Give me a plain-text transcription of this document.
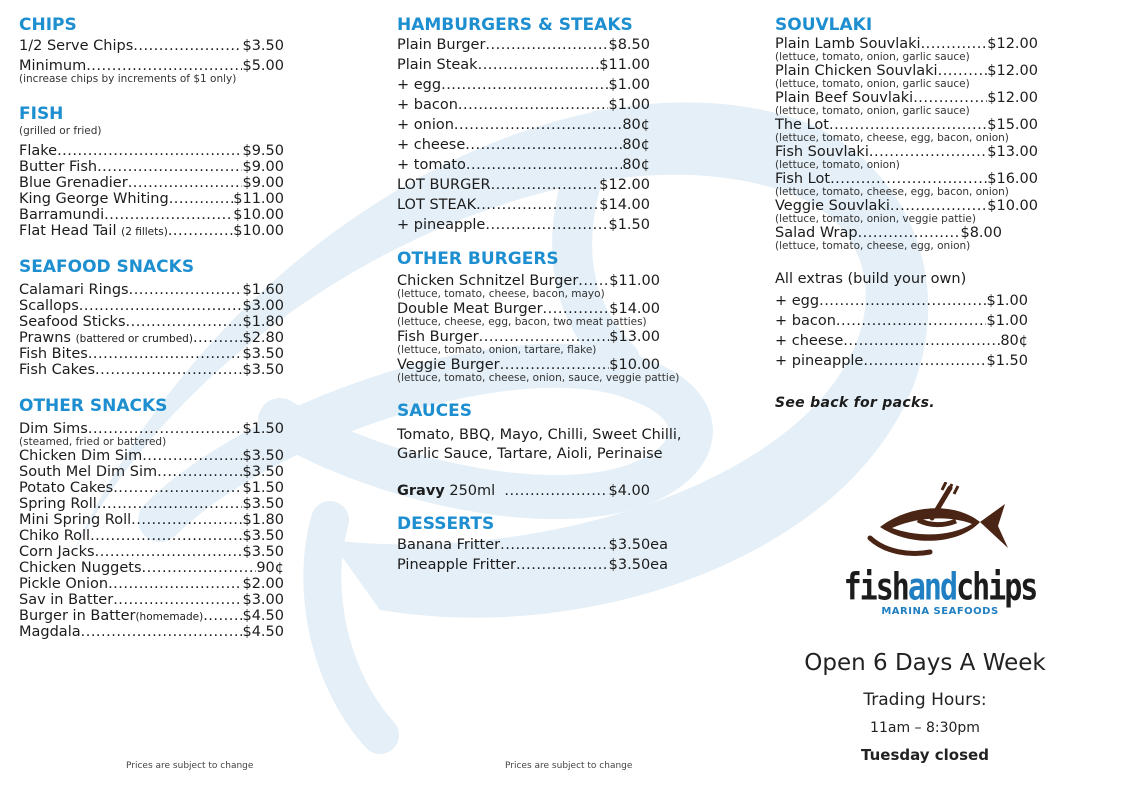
CHIPS
1/2 Serve Chips .....	$3.50
Minimum .....	$5.00
(increase chips by increments of $1 only)
FISH
(grilled or fried)
Flake .....	$9.50
Butter Fish .....	$9.00
Blue Grenadier .....	$9.00
King George Whiting .....	$11.00
Barramundi .....	$10.00
Flat Head Tail
(2 fillets) .....	$10.00
SEAFOOD SNACKS
Calamari Rings .....	$1.60
Scallops .....	$3.00
Seafood Sticks .....	$1.80
Prawns
(battered or crumbed) .....	$2.80
Fish Bites .....	$3.50
Fish Cakes .....	$3.50
OTHER SNACKS
Dim Sims .....	$1.50
(steamed, fried or battered)
Chicken Dim Sim .....	$3.50
South Mel Dim Sim .....	$3.50
Potato Cakes .....	$1.50
Spring Roll .....	$3.50
Mini Spring Roll .....	$1.80
Chiko Roll .....	$3.50
Corn Jacks .....	$3.50
Chicken Nuggets .....	90¢
Pickle Onion .....	$2.00
Sav in Batter .....	$3.00
Burger in Batter (homemade) .....	$4.50
Magdala .....	$4.50
HAMBURGERS & STEAKS
Plain Burger .....	$8.50
Plain Steak .....	$11.00
+ egg .....	$1.00
+ bacon .....	$1.00
+ onion .....	80¢
+ cheese .....	80¢
+ tomato .....	80¢
LOT BURGER .....	$12.00
LOT STEAK .....	$14.00
+ pineapple .....	$1.50
OTHER BURGERS
Chicken Schnitzel Burger ..... $11.00
(lettuce, tomato, cheese, bacon, mayo)
Double Meat Burger .....	$14.00
(lettuce, cheese, egg, bacon, two meat patties)
Fish Burger .....	$13.00
(lettuce, tomato, onion, tartare, flake)
Veggie Burger .....	$10.00
(lettuce, tomato, cheese, onion, sauce, veggie pattie)
SAUCES
Tomato, BBQ, Mayo, Chilli, Sweet Chilli,
Garlic Sauce, Tartare, Aioli, Perinaise
Gravy
250ml
.....	$4.00
DESSERTS
Banana Fritter .....	$3.50ea
Pineapple Fritter .....	$3.50ea
SOUVLAKI
Plain Lamb Souvlaki .....	$12.00
(lettuce, tomato, onion, garlic sauce)
Plain Chicken Souvlaki .....	$12.00
(lettuce, tomato, onion, garlic sauce)
Plain Beef Souvlaki .....	$12.00
(lettuce, tomato, onion, garlic sauce)
The Lot .....	$15.00
(lettuce, tomato, cheese, egg, bacon, onion)
Fish Souvlaki .....	$13.00
(lettuce, tomato, onion)
Fish Lot .....	$16.00
(lettuce, tomato, cheese, egg, bacon, onion)
Veggie Souvlaki .....	$10.00
(lettuce, tomato, onion, veggie pattie)
Salad Wrap .....	$8.00
(lettuce, tomato, cheese, egg, onion)
All extras (build your own)
+ egg .....	$1.00
+ bacon .....	$1.00
+ cheese .....	80¢
+ pineapple .....	$1.50
See back for packs.
fishandchips
MARINA SEAFOODS
Open 6 Days A Week
Trading Hours:
11am – 8:30pm
Tuesday closed
Prices are subject to change	Prices are subject to change
